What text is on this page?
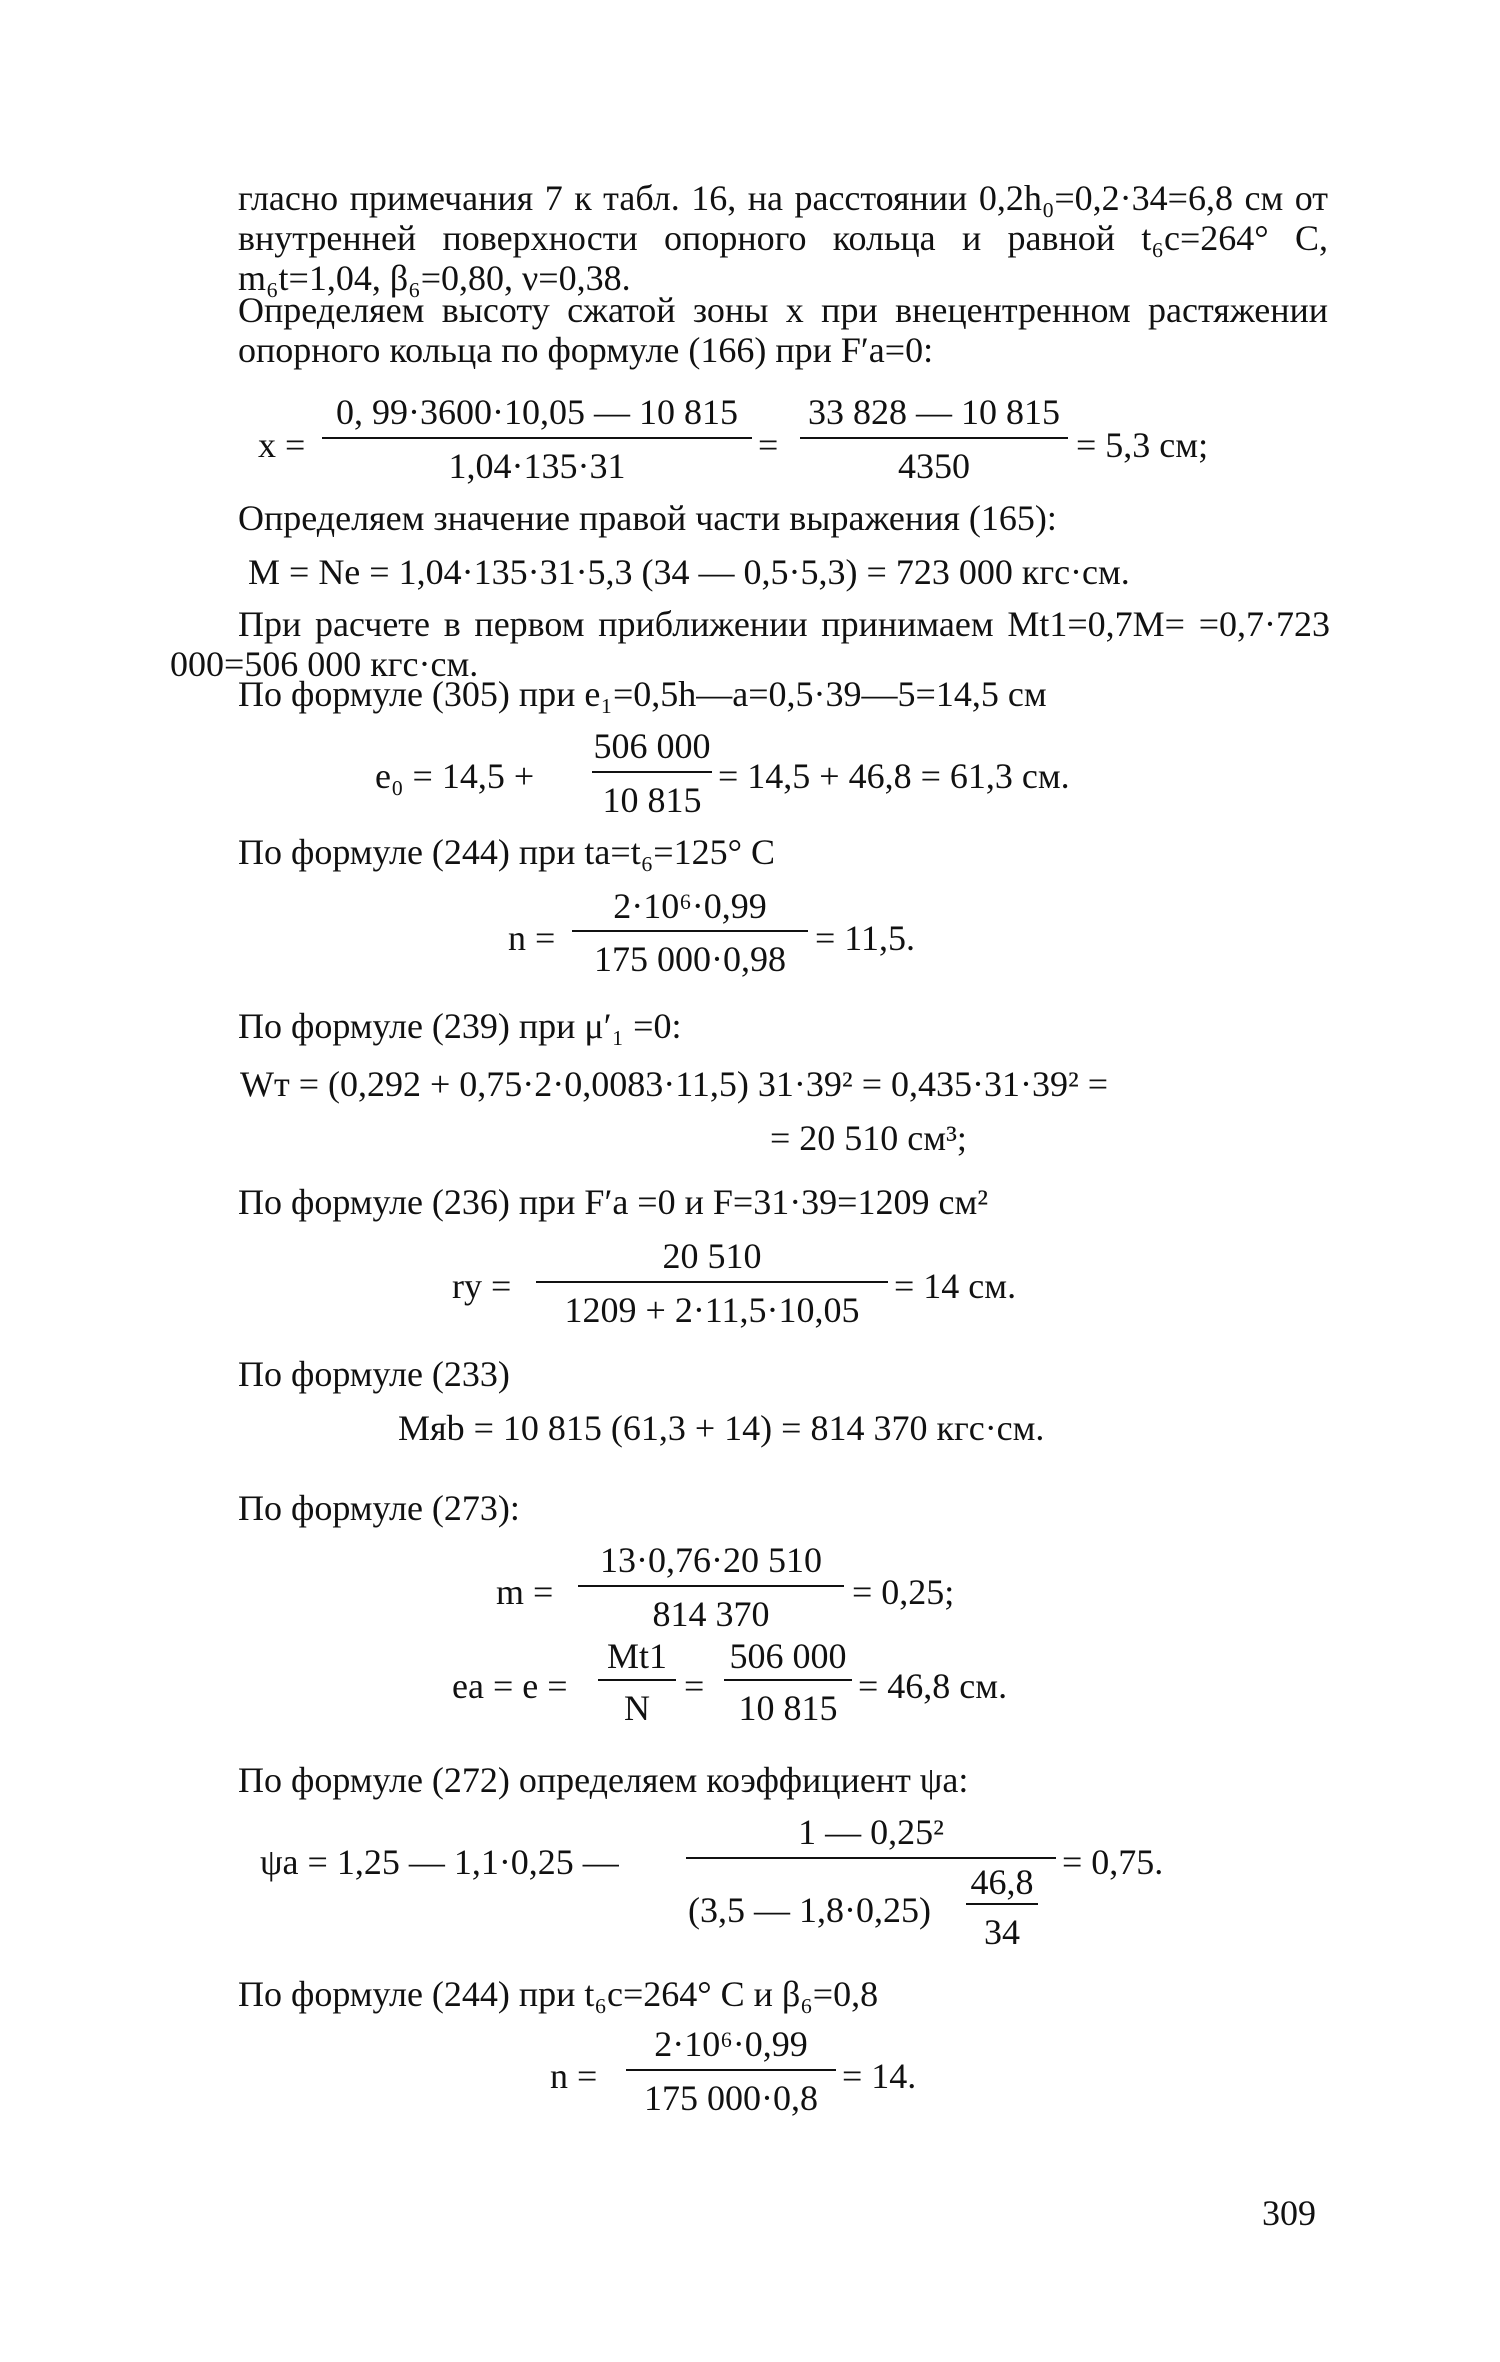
гласно примечания 7 к табл. 16, на расстоянии 0,2h₀=0,2·34=6,8 см от внутренней поверхности опорного кольца и равной t₆c=264° C, m₆t=1,04, β₆=0,80, ν=0,38.
Определяем высоту сжатой зоны x при внецентренном растяжении опорного кольца по формуле (166) при F′a=0:
x =
0, 99·3600·10,05 — 10 815
1,04·135·31
=
33 828 — 10 815
4350
= 5,3 см;
Определяем значение правой части выражения (165):
M = Ne = 1,04·135·31·5,3 (34 — 0,5·5,3) = 723 000 кгс·см.
При расчете в первом приближении принимаем Mt1=0,7M= =0,7·723 000=506 000 кгс·см.
По формуле (305) при e₁=0,5h—a=0,5·39—5=14,5 см
e₀ = 14,5 +
506 000
10 815
= 14,5 + 46,8 = 61,3 см.
По формуле (244) при tа=t₆=125° C
n =
2·10⁶·0,99
175 000·0,98
= 11,5.
По формуле (239) при μ′₁ =0:
Wт = (0,292 + 0,75·2·0,0083·11,5) 31·39² = 0,435·31·39² =
= 20 510 см³;
По формуле (236) при F′a =0 и F=31·39=1209 см²
rу =
20 510
1209 + 2·11,5·10,05
= 14 см.
По формуле (233)
Mяb = 10 815 (61,3 + 14) = 814 370 кгс·см.
По формуле (273):
m =
13·0,76·20 510
814 370
= 0,25;
ea = e =
Mt1
N
=
506 000
10 815
= 46,8 см.
По формуле (272) определяем коэффициент ψa:
ψa = 1,25 — 1,1·0,25 —
1 — 0,25²
(3,5 — 1,8·0,25)
46,8
34
= 0,75.
По формуле (244) при t₆c=264° C и β₆=0,8
n =
2·10⁶·0,99
175 000·0,8
= 14.
309
